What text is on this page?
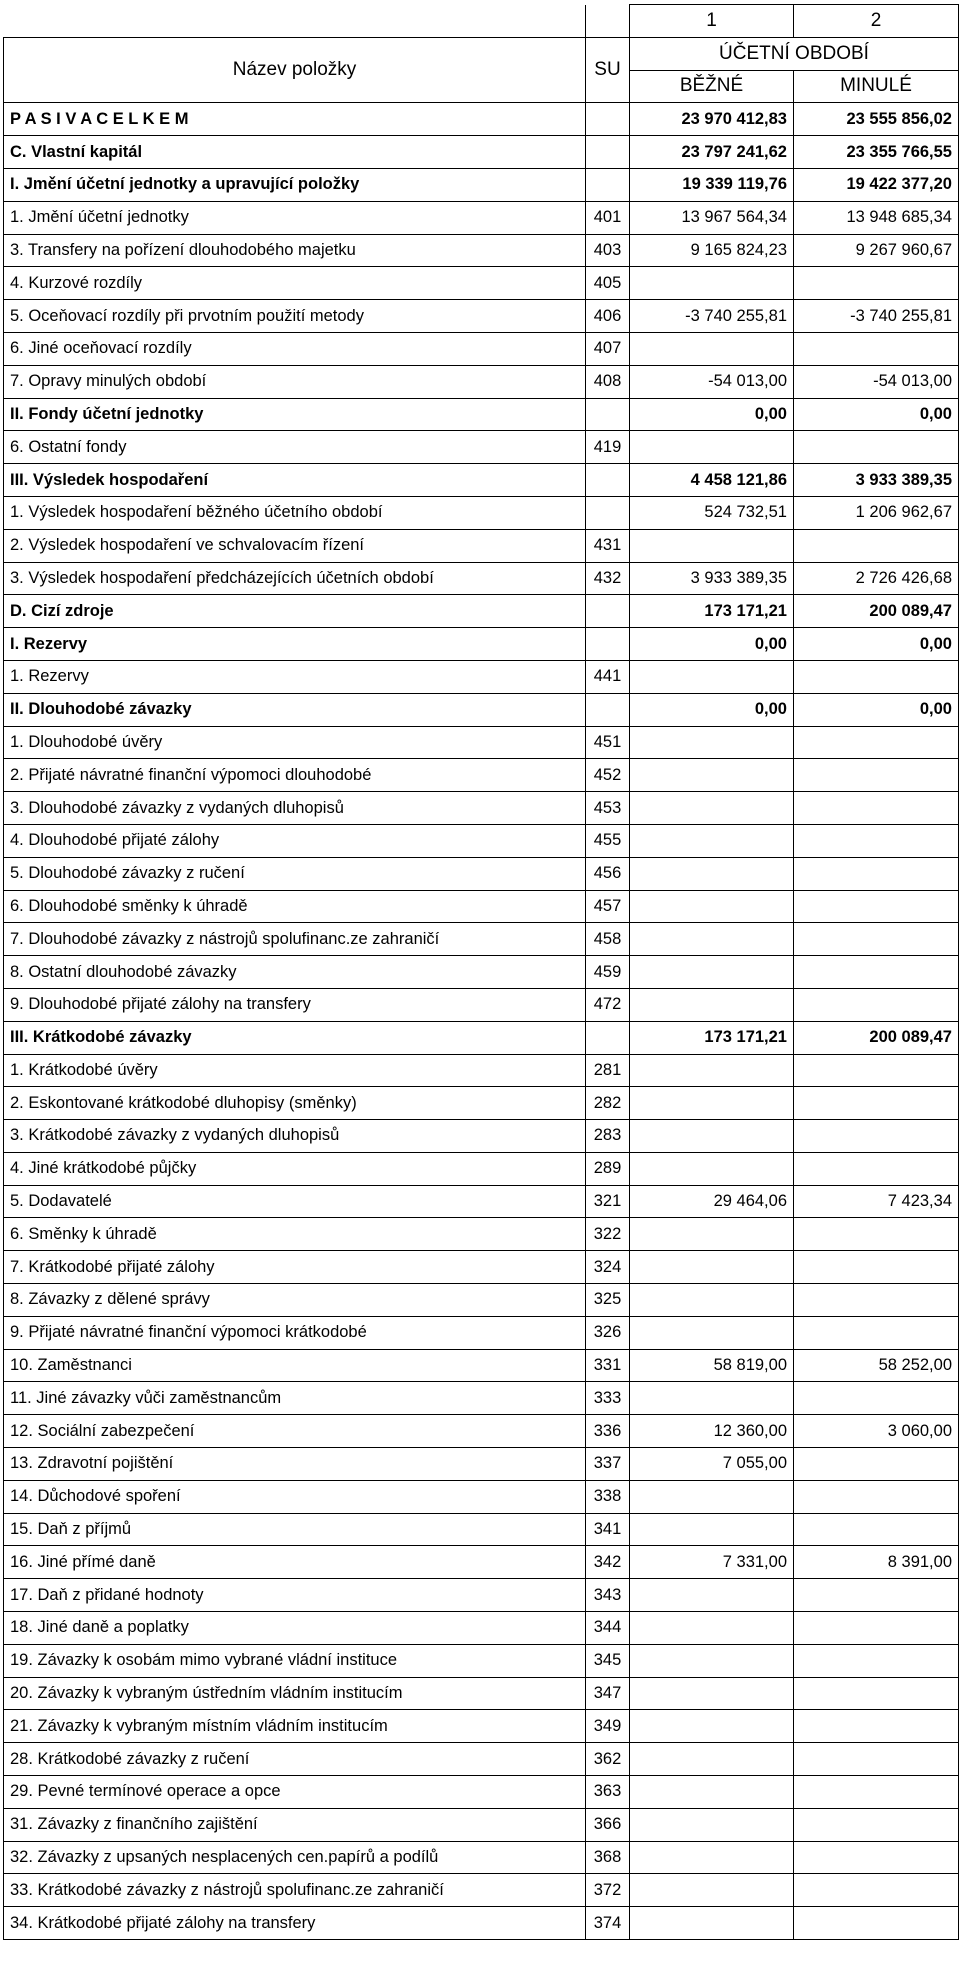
		1	2
Název položky	SU	ÚČETNÍ OBDOBÍ	
		BĚŽNÉ	MINULÉ
P A S I V A C E L K E M		23 970 412,83	23 555 856,02
C. Vlastní kapitál		23 797 241,62	23 355 766,55
I. Jmění účetní jednotky a upravující položky		19 339 119,76	19 422 377,20
1. Jmění účetní jednotky	401	13 967 564,34	13 948 685,34
3. Transfery na pořízení dlouhodobého majetku	403	9 165 824,23	9 267 960,67
4. Kurzové rozdíly	405		
5. Oceňovací rozdíly při prvotním použití metody	406	-3 740 255,81	-3 740 255,81
6. Jiné oceňovací rozdíly	407		
7. Opravy minulých období	408	-54 013,00	-54 013,00
II. Fondy účetní jednotky		0,00	0,00
6. Ostatní fondy	419		
III. Výsledek hospodaření		4 458 121,86	3 933 389,35
1. Výsledek hospodaření běžného účetního období		524 732,51	1 206 962,67
2. Výsledek hospodaření ve schvalovacím řízení	431		
3. Výsledek hospodaření předcházejících účetních období	432	3 933 389,35	2 726 426,68
D. Cizí zdroje		173 171,21	200 089,47
I. Rezervy		0,00	0,00
1. Rezervy	441		
II. Dlouhodobé závazky		0,00	0,00
1. Dlouhodobé úvěry	451		
2. Přijaté návratné finanční výpomoci dlouhodobé	452		
3. Dlouhodobé závazky z vydaných dluhopisů	453		
4. Dlouhodobé přijaté zálohy	455		
5. Dlouhodobé závazky z ručení	456		
6. Dlouhodobé směnky k úhradě	457		
7. Dlouhodobé závazky z nástrojů spolufinanc.ze zahraničí	458		
8. Ostatní dlouhodobé závazky	459		
9. Dlouhodobé přijaté zálohy na transfery	472		
III. Krátkodobé závazky		173 171,21	200 089,47
1. Krátkodobé úvěry	281		
2. Eskontované krátkodobé dluhopisy (směnky)	282		
3. Krátkodobé závazky z vydaných dluhopisů	283		
4. Jiné krátkodobé půjčky	289		
5. Dodavatelé	321	29 464,06	7 423,34
6. Směnky k úhradě	322		
7. Krátkodobé přijaté zálohy	324		
8. Závazky z dělené správy	325		
9. Přijaté návratné finanční výpomoci krátkodobé	326		
10. Zaměstnanci	331	58 819,00	58 252,00
11. Jiné závazky vůči zaměstnancům	333		
12. Sociální zabezpečení	336	12 360,00	3 060,00
13. Zdravotní pojištění	337	7 055,00	
14. Důchodové spoření	338		
15. Daň z příjmů	341		
16. Jiné přímé daně	342	7 331,00	8 391,00
17. Daň z přidané hodnoty	343		
18. Jiné daně a poplatky	344		
19. Závazky k osobám mimo vybrané vládní instituce	345		
20. Závazky k vybraným ústředním vládním institucím	347		
21. Závazky k vybraným místním vládním institucím	349		
28. Krátkodobé závazky z ručení	362		
29. Pevné termínové operace a opce	363		
31. Závazky z finančního zajištění	366		
32. Závazky z upsaných nesplacených cen.papírů a podílů	368		
33. Krátkodobé závazky z nástrojů spolufinanc.ze zahraničí	372		
34. Krátkodobé přijaté zálohy na transfery	374		
